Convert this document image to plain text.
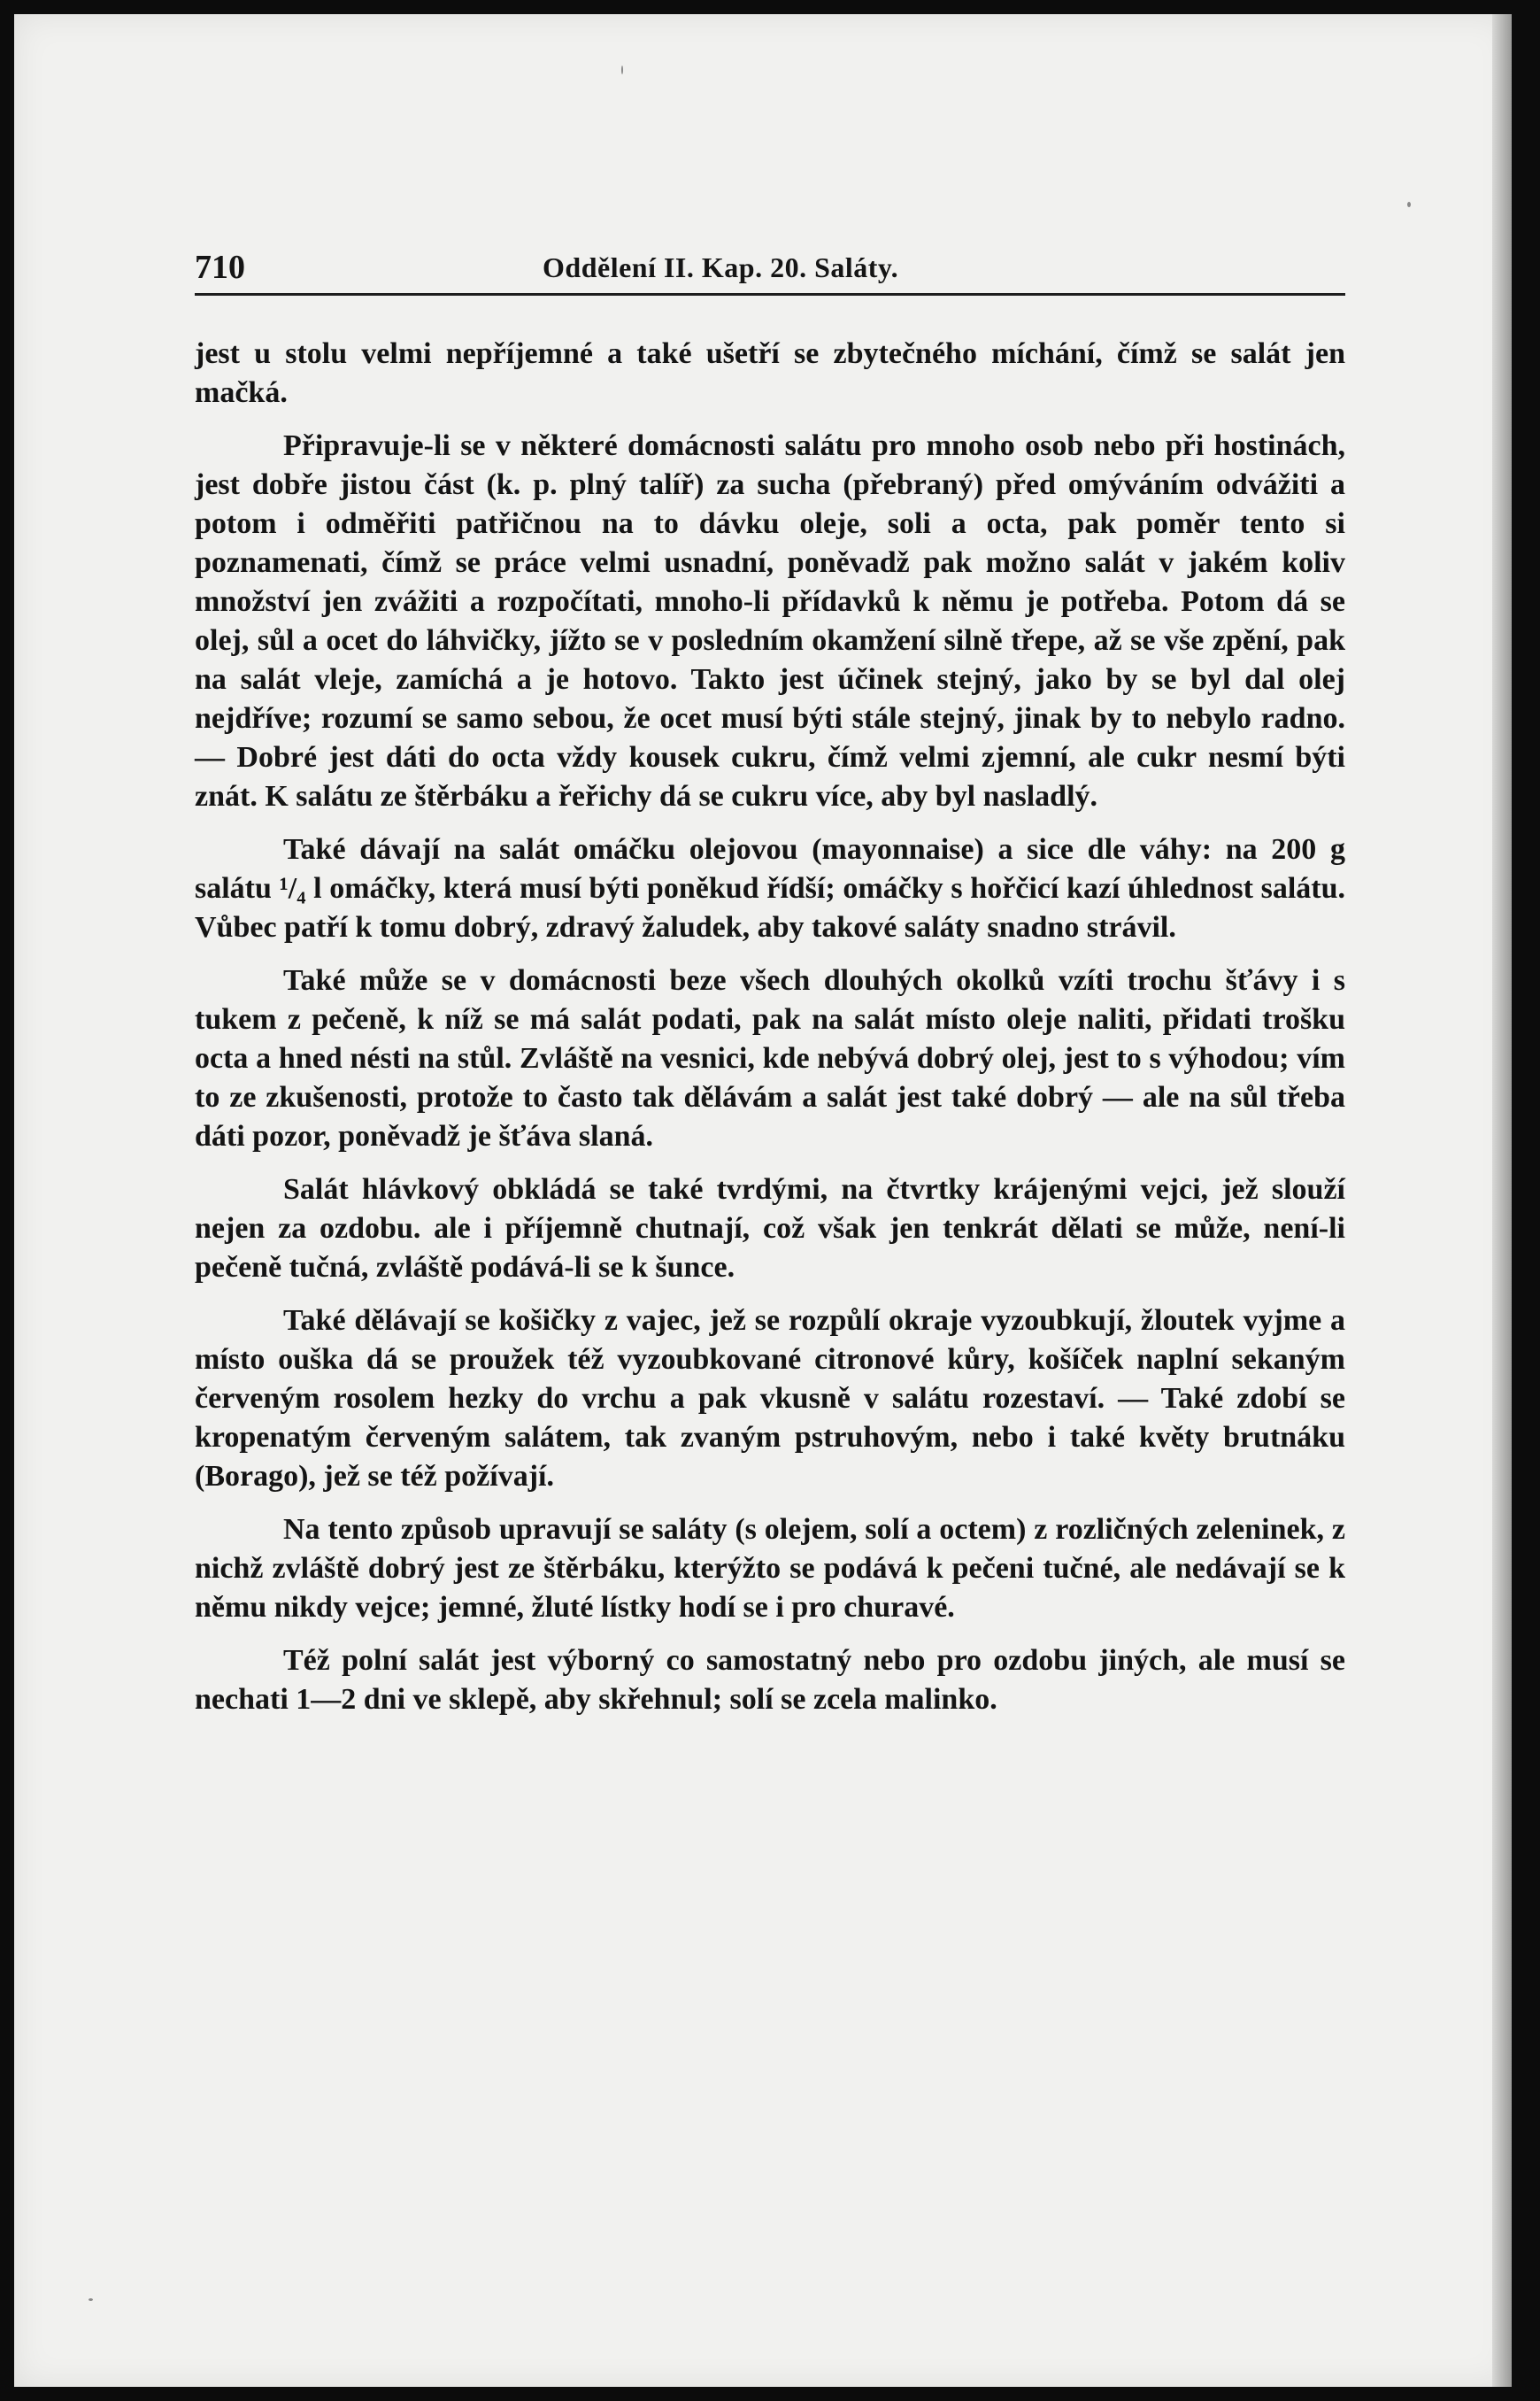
710	Oddělení II. Kap. 20. Saláty.

jest u stolu velmi nepříjemné a také ušetří se zbytečného míchání, čímž se salát jen mačká.

Připravuje-li se v některé domácnosti salátu pro mnoho osob nebo při hostinách, jest dobře jistou část (k. p. plný talíř) za sucha (přebraný) před omýváním odvážiti a potom i odměřiti patřičnou na to dávku oleje, soli a octa, pak poměr tento si poznamenati, čímž se práce velmi usnadní, poněvadž pak možno salát v jakém koliv množství jen zvážiti a rozpočítati, mnoho-li přídavků k němu je potřeba. Potom dá se olej, sůl a ocet do láhvičky, jížto se v posledním okamžení silně třepe, až se vše zpění, pak na salát vleje, zamíchá a je hotovo. Takto jest účinek stejný, jako by se byl dal olej nejdříve; rozumí se samo sebou, že ocet musí býti stále stejný, jinak by to nebylo radno. — Dobré jest dáti do octa vždy kousek cukru, čímž velmi zjemní, ale cukr nesmí býti znát. K salátu ze štěrbáku a řeřichy dá se cukru více, aby byl nasladlý.

Také dávají na salát omáčku olejovou (mayonnaise) a sice dle váhy: na 200 g salátu ¹/₄ l omáčky, která musí býti poněkud řídší; omáčky s hořčicí kazí úhlednost salátu. Vůbec patří k tomu dobrý, zdravý žaludek, aby takové saláty snadno strávil.

Také může se v domácnosti beze všech dlouhých okolků vzíti trochu šťávy i s tukem z pečeně, k níž se má salát podati, pak na salát místo oleje naliti, přidati trošku octa a hned nésti na stůl. Zvláště na vesnici, kde nebývá dobrý olej, jest to s výhodou; vím to ze zkušenosti, protože to často tak dělávám a salát jest také dobrý — ale na sůl třeba dáti pozor, poněvadž je šťáva slaná.

Salát hlávkový obkládá se také tvrdými, na čtvrtky krájenými vejci, jež slouží nejen za ozdobu. ale i příjemně chutnají, což však jen tenkrát dělati se může, není-li pečeně tučná, zvláště podává-li se k šunce.

Také dělávají se košičky z vajec, jež se rozpůlí okraje vyzoubkují, žloutek vyjme a místo ouška dá se proužek též vyzoubkované citronové kůry, košíček naplní sekaným červeným rosolem hezky do vrchu a pak vkusně v salátu rozestaví. — Také zdobí se kropenatým červeným salátem, tak zvaným pstruhovým, nebo i také květy brutnáku (Borago), jež se též požívají.

Na tento způsob upravují se saláty (s olejem, solí a octem) z rozličných zeleninek, z nichž zvláště dobrý jest ze štěrbáku, kterýžto se podává k pečeni tučné, ale nedávají se k němu nikdy vejce; jemné, žluté lístky hodí se i pro churavé.

Též polní salát jest výborný co samostatný nebo pro ozdobu jiných, ale musí se nechati 1—2 dni ve sklepě, aby skřehnul; solí se zcela malinko.
